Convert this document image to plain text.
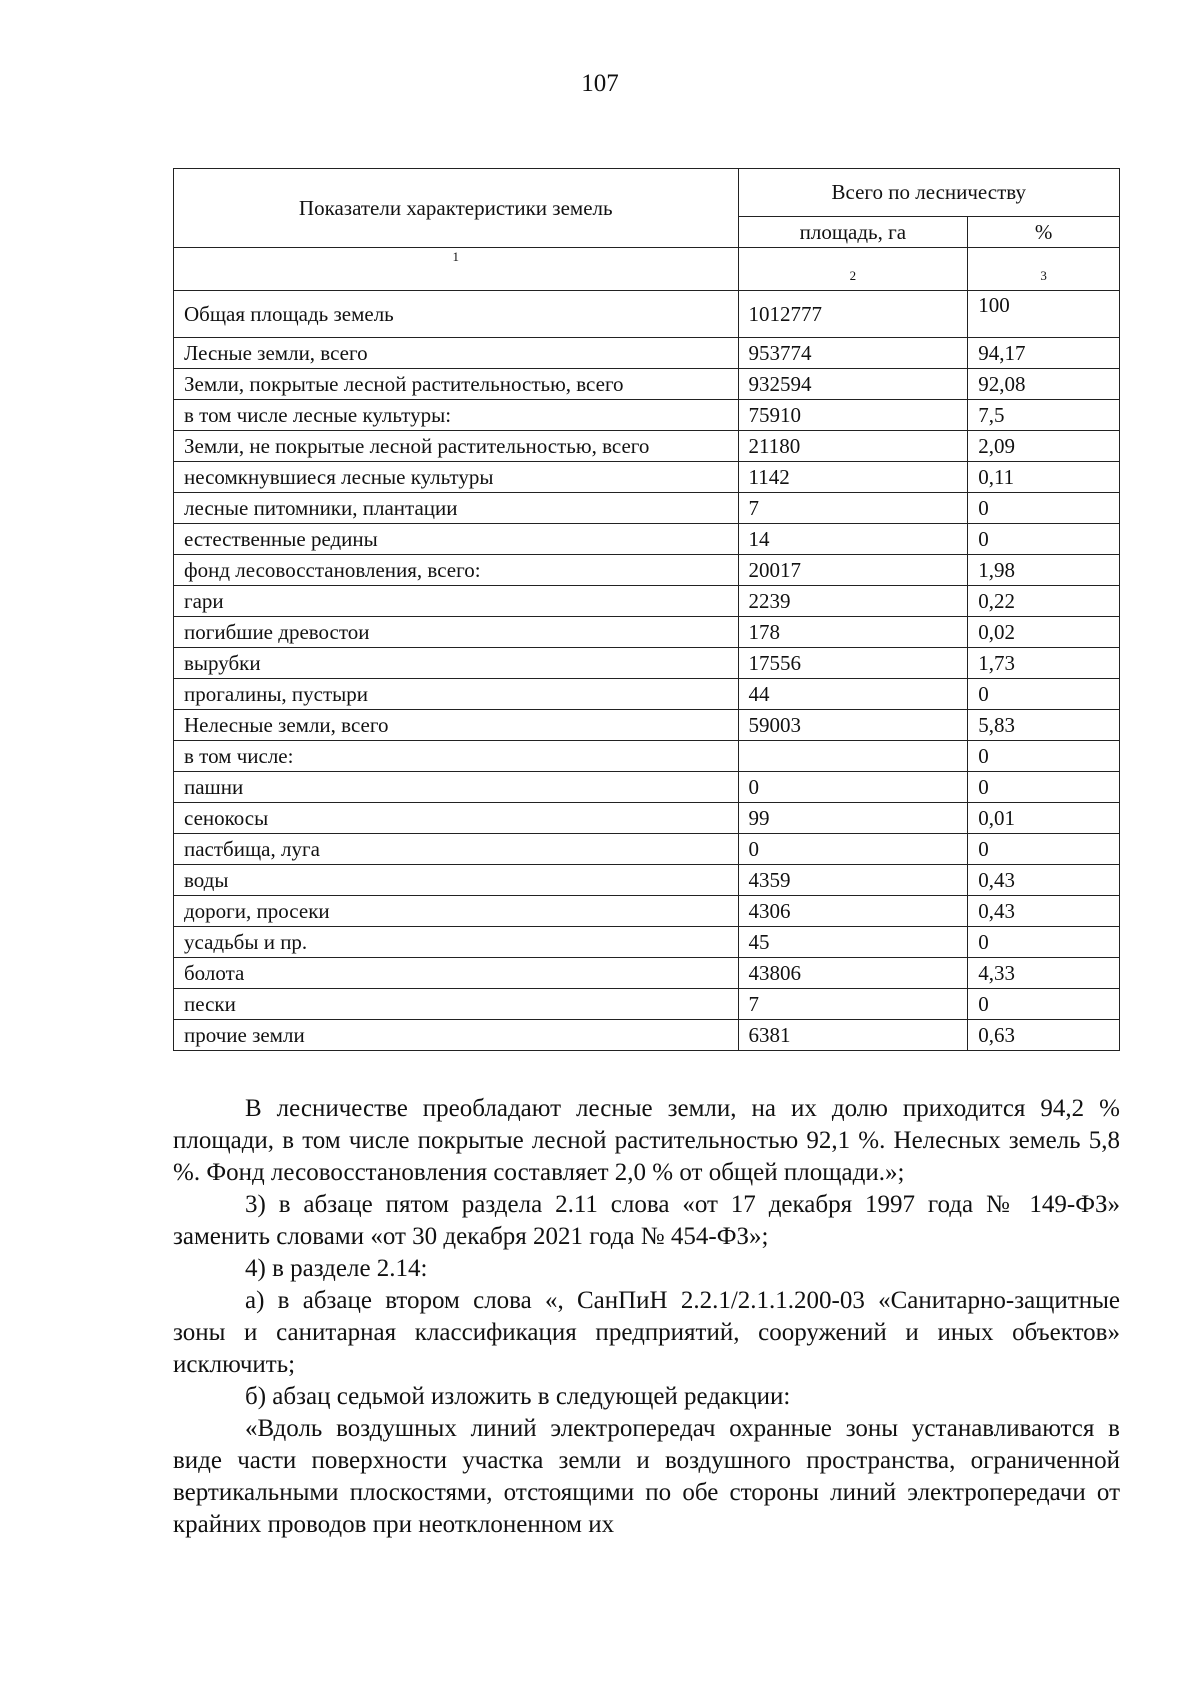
107
Показатели характеристики земель	Всего по лесничеству	
	площадь, га	%
1	2	3
Общая площадь земель	1012777	100
Лесные земли, всего	953774	94,17
Земли, покрытые лесной растительностью, всего	932594	92,08
в том числе лесные культуры:	75910	7,5
Земли, не покрытые лесной растительностью, всего	21180	2,09
несомкнувшиеся лесные культуры	1142	0,11
лесные питомники, плантации	7	0
естественные редины	14	0
фонд лесовосстановления, всего:	20017	1,98
гари	2239	0,22
погибшие древостои	178	0,02
вырубки	17556	1,73
прогалины, пустыри	44	0
Нелесные земли, всего	59003	5,83
в том числе:		0
пашни	0	0
сенокосы	99	0,01
пастбища, луга	0	0
воды	4359	0,43
дороги, просеки	4306	0,43
усадьбы и пр.	45	0
болота	43806	4,33
пески	7	0
прочие земли	6381	0,63

В лесничестве преобладают лесные земли, на их долю приходится 94,2 % площади, в том числе покрытые лесной растительностью 92,1 %. Нелесных земель 5,8 %. Фонд лесовосстановления составляет 2,0 % от общей площади.»;

3) в абзаце пятом раздела 2.11 слова «от 17 декабря 1997 года № 149-ФЗ» заменить словами «от 30 декабря 2021 года № 454-ФЗ»;

4) в разделе 2.14:

а) в абзаце втором слова «, СанПиН 2.2.1/2.1.1.200-03 «Санитарно-защитные зоны и санитарная классификация предприятий, сооружений и иных объектов» исключить;

б) абзац седьмой изложить в следующей редакции:

«Вдоль воздушных линий электропередач охранные зоны устанавливаются в виде части поверхности участка земли и воздушного пространства, ограниченной вертикальными плоскостями, отстоящими по обе стороны линий электропередачи от крайних проводов при неотклоненном их
